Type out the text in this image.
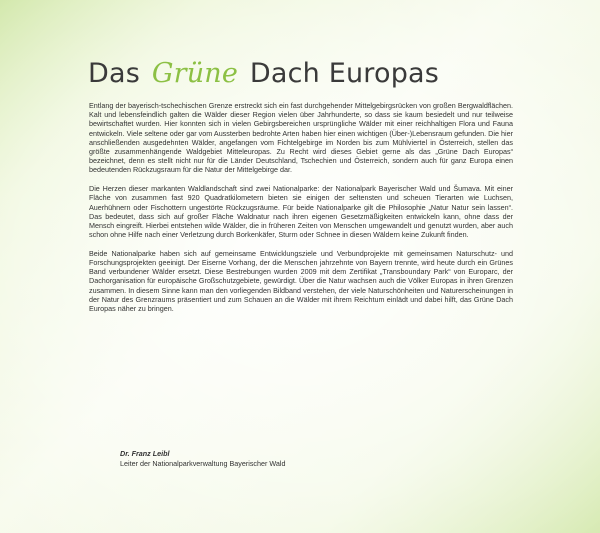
Das Grüne Dach Europas

Entlang der bayerisch-tschechischen Grenze erstreckt sich ein fast durchgehender Mittelgebirgsrücken von großen Bergwaldflächen. Kalt und lebensfeindlich galten die Wälder dieser Region vielen über Jahrhunderte, so dass sie kaum besiedelt und nur teilweise bewirtschaftet wurden. Hier konnten sich in vielen Gebirgsbereichen ursprüngliche Wälder mit einer reichhaltigen Flora und Fauna entwickeln. Viele seltene oder gar vom Aussterben bedrohte Arten haben hier einen wichtigen (Über-)Lebensraum gefunden. Die hier anschließenden ausgedehnten Wälder, angefangen vom Fichtelgebirge im Norden bis zum Mühlviertel in Österreich, stellen das größte zusammenhängende Waldgebiet Mitteleuropas. Zu Recht wird dieses Gebiet gerne als das „Grüne Dach Europas“ bezeichnet, denn es stellt nicht nur für die Länder Deutschland, Tschechien und Österreich, sondern auch für ganz Europa einen bedeutenden Rückzugsraum für die Natur der Mittelgebirge dar.

Die Herzen dieser markanten Waldlandschaft sind zwei Nationalparke: der Nationalpark Bayerischer Wald und Šumava. Mit einer Fläche von zusammen fast 920 Quadratkilometern bieten sie einigen der seltensten und scheuen Tierarten wie Luchsen, Auerhühnern oder Fischottern ungestörte Rückzugsräume. Für beide Nationalparke gilt die Philosophie „Natur Natur sein lassen“. Das bedeutet, dass sich auf großer Fläche Waldnatur nach ihren eigenen Gesetzmäßigkeiten entwickeln kann, ohne dass der Mensch eingreift. Hierbei entstehen wilde Wälder, die in früheren Zeiten von Menschen umgewandelt und genutzt wurden, aber auch schon ohne Hilfe nach einer Verletzung durch Borkenkäfer, Sturm oder Schnee in diesen Wäldern keine Zukunft finden.

Beide Nationalparke haben sich auf gemeinsame Entwicklungsziele und Verbundprojekte mit gemeinsamen Naturschutz- und Forschungsprojekten geeinigt. Der Eiserne Vorhang, der die Menschen jahrzehnte von Bayern trennte, wird heute durch ein Grünes Band verbundener Wälder ersetzt. Diese Bestrebungen wurden 2009 mit dem Zertifikat „Transboundary Park“ von Europarc, der Dachorganisation für europäische Großschutzgebiete, gewürdigt. Über die Natur wachsen auch die Völker Europas in ihren Grenzen zusammen. In diesem Sinne kann man den vorliegenden Bildband verstehen, der viele Naturschönheiten und Naturerscheinungen in der Natur des Grenzraums präsentiert und zum Schauen an die Wälder mit ihrem Reichtum einlädt und dabei hilft, das Grüne Dach Europas näher zu bringen.

Dr. Franz Leibl
Leiter der Nationalparkverwaltung Bayerischer Wald
